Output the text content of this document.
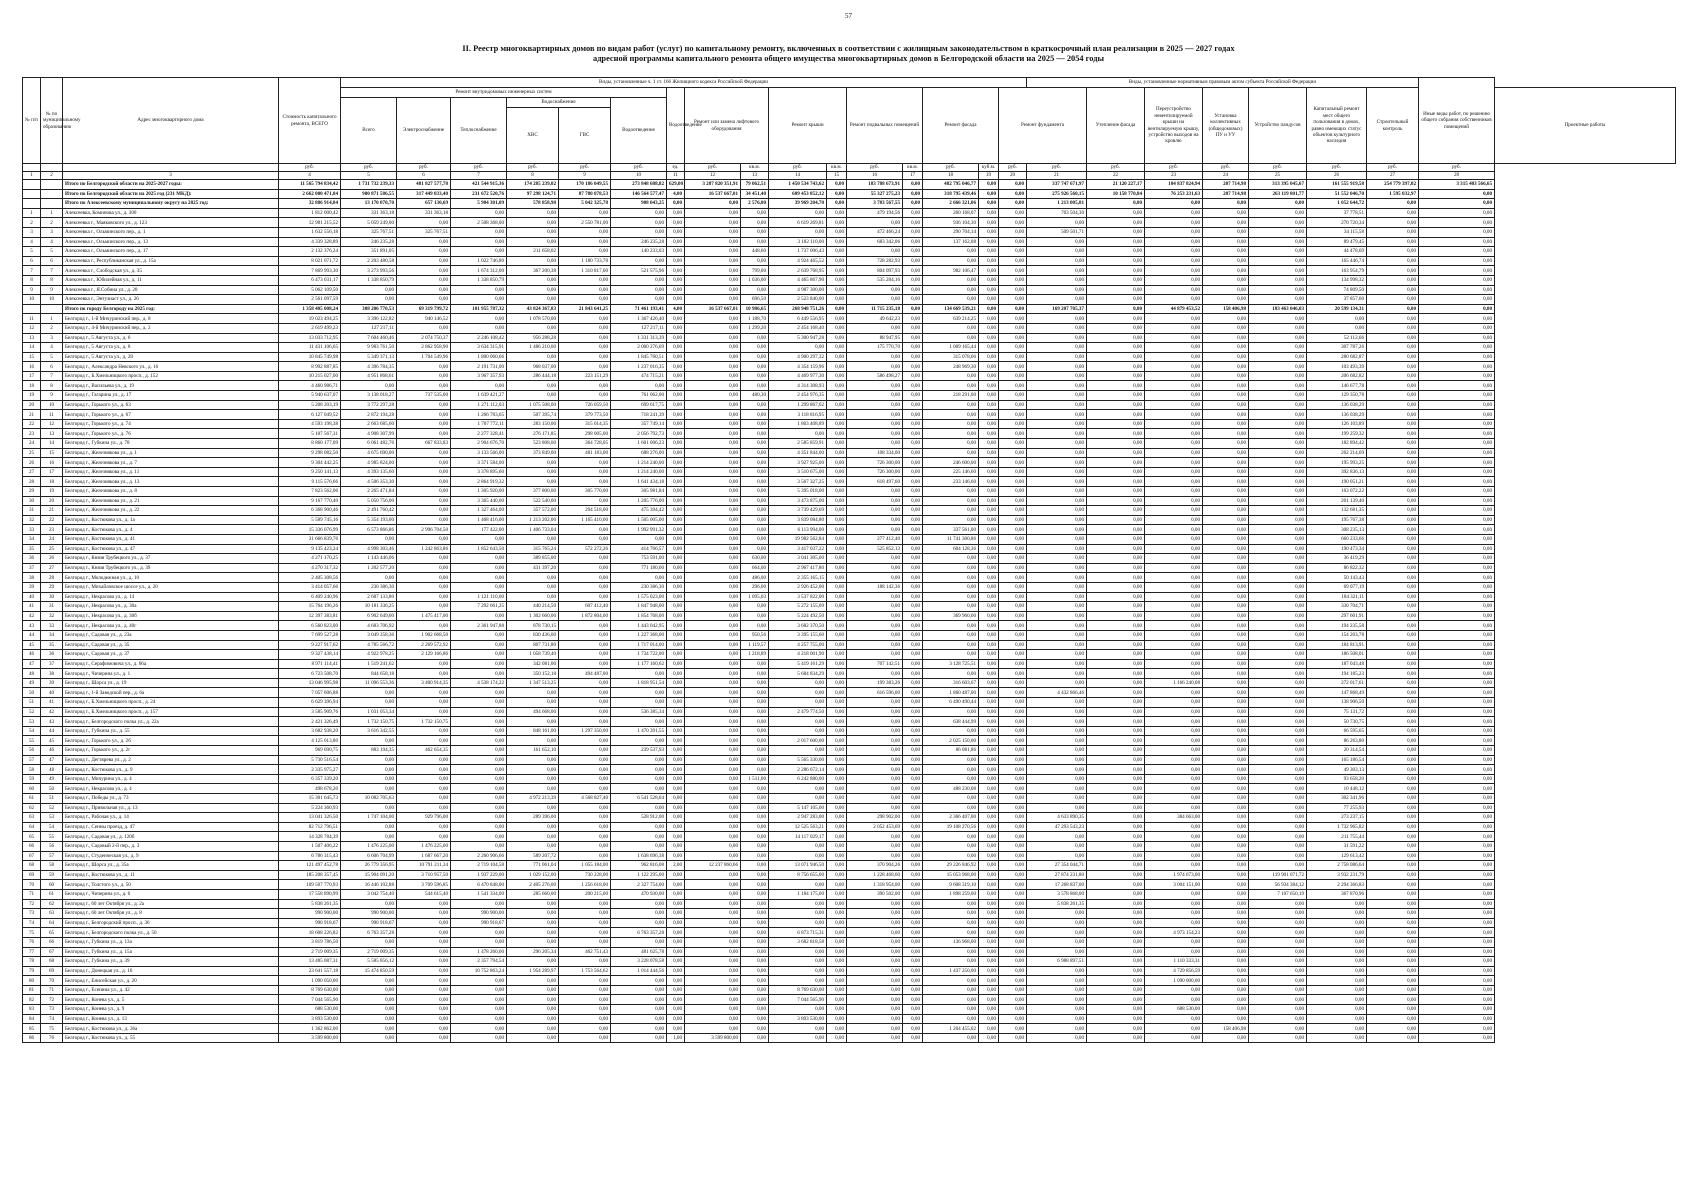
57
II. Реестр многоквартирных домов по видам работ (услуг) по капитальному ремонту, включенных в соответствии с жилищным законодательством в краткосрочный план реализации в 2025 — 2027 годах
адресной программы капитального ремонта общего имущества многоквартирных домов в Белгородской области на 2025 — 2054 годы
№ п/п	№ по муниципальному образованию	Адрес многоквартирного дома	Стоимость капитального ремонта, ВСЕГО	Виды, установленные ч. 1 ст. 166 Жилищного кодекса Российской Федерации																Виды, установленные нормативным правовым актом субъекта Российской Федерации							Иные виды работ, по решению общего собрания собственников помещений	
				Ремонт внутридомовых инженерных систем						Водоотведение	Ремонт или замена лифтового оборудования		Ремонт крыши		Ремонт подвальных помещений		Ремонт фасада		Ремонт фундамента		Утепление фасада	Переустройство невентилируемой крыши на вентилируемую крышу, устройство выходов на кровлю	Установка коллективных (общедомовых) ПУ и УУ	Устройство пандусов	Капитальный ремонт мест общего пользования в домах, равно имеющих статус объектов культурного наследия	Строительный контроль		Проектные работы
				Всего	Электроснабжение	Теплоснабжение	Водоснабжение		Водоотведение																			
							ХВС	ГВС																				
			руб.	руб.	руб.	руб.	руб.	руб.	руб.	ед.	руб.	кв.м.	руб.	кв.м.	руб.	кв.м.	руб.	куб.м.	руб.	руб.	руб.	руб.	руб.	руб.	руб.	руб.	руб.	
1	2	3	4	5	6	7	8	9	10	11	12	13	14	15	16	17	18	19	20	21	22	23	24	25	26	27	28	
		Итого по Белгородской области на 2025-2027 годы:	11 565 794 834,42	1 731 732 239,33	481 827 577,78	421 544 915,36	174 285 239,02	170 186 049,55	273 848 688,82	629,00	3 287 820 351,91	79 062,51	1 450 534 743,62	0,00	183 788 673,91	0,00	482 795 046,77	0,00	0,00	337 747 671,97	21 120 227,17	104 837 824,94	207 714,98	313 395 045,67	161 555 919,58	254 779 397,02	3 315 403 566,65	
		Итого по Белгородской области на 2025 год (231 МКД):	2 662 000 471,84	900 871 586,55	317 449 033,40	231 672 520,76	97 298 124,71	87 780 878,53	146 564 577,47	4,00	16 537 667,01	34 451,40	609 453 852,12	0,00	55 327 275,23	0,00	318 795 439,46	0,00	0,00	275 926 560,15	10 158 770,84	76 253 231,63	207 714,98	263 119 801,77	51 552 046,70	1 595 032,97	0,00	
		Итого по Алексеевскому муниципальному округу на 2025 год:	32 886 914,84	13 170 070,70	657 130,69	5 984 301,09	578 858,98	5 042 325,78	908 043,25	0,00	0,00	2 576,00	39 969 204,70	0,00	3 783 567,55	0,00	2 666 321,06	0,00	0,00	1 213 005,81	0,00	0,00	0,00	0,00	1 052 644,72	0,00	0,00	
1	1	Алексеевка, Коминова ул., д. 300	1 812 000,42	331 363,18	331 363,18	0,00	0,00	0,00	0,00	0,00	0,00	0,00	0,00	0,00	479 194,56	0,00	260 168,07	0,00	0,00	703 504,30	0,00	0,00	0,00	0,00	37 778,51	0,00	0,00	
2	2	Алексеевка г., Маяковского ул., д. 123	12 981 215,52	5 059 249,00	0,00	2 508 368,00	0,00	2 550 781,00	0,00	0,00	0,00	0,00	6 619 269,81	0,00	0,00	0,00	936 104,30	0,00	0,00	0,00	0,00	0,00	0,00	0,00	270 720,34	0,00	0,00	
3	3	Алексеевка г., Ольминского пер., д. 1	1 632 556,18	325 767,51	325 767,51	0,00	0,00	0,00	0,00	0,00	0,00	0,00	0,00	0,00	472 466,24	0,00	290 704,14	0,00	0,00	509 501,71	0,00	0,00	0,00	0,00	34 115,58	0,00	0,00	
4	4	Алексеевка г., Ольминского пер., д. 13	4 339 328,89	246 235,28	0,00	0,00	0,00	0,00	246 235,28	0,00	0,00	0,00	3 182 110,00	0,00	683 342,06	0,00	137 162,08	0,00	0,00	0,00	0,00	0,00	0,00	0,00	89 479,45	0,00	0,00	
5	5	Алексеевка г., Ольминского пер., д. 17	2 132 376,24	351 891,05	0,00	0,00	211 658,02	0,00	140 233,03	0,00	0,00	448,60	1 737 006,43	0,00	0,00	0,00	0,00	0,00	0,00	0,00	0,00	0,00	0,00	0,00	44 478,69	0,00	0,00	
6	6	Алексеевка г., Республиканская ул., д. 15а	8 021 071,72	2 203 480,58	0,00	1 022 746,80	0,00	1 180 733,78	0,00	0,00	0,00	0,00	4 924 465,52	0,00	728 282,93	0,00	0,00	0,00	0,00	0,00	0,00	0,00	0,00	0,00	165 446,74	0,00	0,00	
7	7	Алексеевка г., Слободская ул., д. 35	7 869 993,30	3 273 993,56	0,00	1 674 312,00	367 200,38	1 310 817,00	521 575,96	0,00	0,00	799,00	2 639 768,95	0,00	804 097,93	0,00	982 106,47	0,00	0,00	0,00	0,00	0,00	0,00	0,00	163 954,79	0,00	0,00	
8	8	Алексеевка г., Юбилейная ул., д. 11	6 473 031,17	1 338 850,79	0,00	1 338 850,79	0,00	0,00	0,00	0,00	0,00	1 036,00	4 465 867,90	0,00	535 284,16	0,00	0,00	0,00	0,00	0,00	0,00	0,00	0,00	0,00	134 998,32	0,00	0,00	
9	9	Алексеевка г., Я.Собина ул., д. 20	5 062 109,50	0,00	0,00	0,00	0,00	0,00	0,00	0,00	0,00	0,00	4 987 300,00	0,00	0,00	0,00	0,00	0,00	0,00	0,00	0,00	0,00	0,00	0,00	74 809,50	0,00	0,00	
10	10	Алексеевка г., Энтузиаст ул., д. 26	2 561 097,59	0,00	0,00	0,00	0,00	0,00	0,00	0,00	0,00	696,50	2 523 840,00	0,00	0,00	0,00	0,00	0,00	0,00	0,00	0,00	0,00	0,00	0,00	37 857,60	0,00	0,00	
		Итого по городу Белгороду на 2025 год:	1 358 405 008,24	308 206 770,53	69 319 799,72	101 955 787,32	43 824 367,83	21 843 641,25	71 461 193,41	4,00	16 537 667,01	10 986,65	268 948 751,26	0,00	11 715 235,18	0,00	134 669 539,21	0,00	0,00	169 207 705,37	0,00	44 879 453,52	158 406,98	183 463 046,03	20 599 134,31	0,00	0,00	
11	1	Белгород г., 1-й Мичуринский пер., д. 8	19 023 494,25	3 396 122,82	940 146,52	0,00	1 078 570,00	0,00	1 367 426,40	0,00	0,00	1 188,70	6 449 556,95	0,00	49 642,23	0,00	639 214,25	0,00	0,00	0,00	0,00	0,00	0,00	0,00	0,00	0,00	0,00	
12	2	Белгород г., 4-й Мичуринский пер., д. 2	2 619 499,23	127 217,11	0,00	0,00	0,00	0,00	127 217,11	0,00	0,00	1 299,20	2 454 168,40	0,00	0,00	0,00	0,00	0,00	0,00	0,00	0,00	0,00	0,00	0,00	0,00	0,00	0,00	
13	3	Белгород г., 5 Августа ул., д. 6	13 033 712,95	7 604 460,46	2 074 750,37	2 246 108,42	956 288,28	0,00	1 331 313,39	0,00	0,00	0,00	5 300 947,28	0,00	88 947,95	0,00	0,00	0,00	0,00	0,00	0,00	0,00	0,00	0,00	52 112,66	0,00	0,00	
14	4	Белгород г., 5 Августа ул., д. 8	11 431 106,65	9 983 761,50	2 862 958,90	3 634 315,91	1 486 210,00	0,00	2 000 276,69	0,00	0,00	0,00	0,00	0,00	175 770,70	0,00	1 009 165,44	0,00	0,00	0,00	0,00	0,00	0,00	0,00	307 787,26	0,00	0,00	
15	5	Белгород г., 5 Августа ул., д. 28	10 845 749,98	5 349 371,13	1 704 549,96	1 800 060,66	0,00	0,00	1 845 760,51	0,00	0,00	0,00	4 900 297,32	0,00	0,00	0,00	315 078,66	0,00	0,00	0,00	0,00	0,00	0,00	0,00	280 682,87	0,00	0,00	
16	6	Белгород г., Александра Невского ул., д. 16	8 992 887,85	4 396 784,35	0,00	2 191 731,00	968 037,00	0,00	1 237 016,35	0,00	0,00	0,00	4 354 159,96	0,00	0,00	0,00	248 969,30	0,00	0,00	0,00	0,00	0,00	0,00	0,00	103 493,39	0,00	0,00	
17	7	Белгород г., Б.Хмельницкого просп., д. 152	10 215 027,00	4 951 868,61	0,00	3 967 357,93	286 444,18	223 151,29	474 715,21	0,00	0,00	0,00	4 469 977,30	0,00	586 498,27	0,00	0,00	0,00	0,00	0,00	0,00	0,00	0,00	0,00	206 682,82	0,00	0,00	
18	8	Белгород г., Васильева ул., д. 19	4 460 986,71	0,00	0,00	0,00	0,00	0,00	0,00	0,00	0,00	0,00	4 314 308,93	0,00	0,00	0,00	0,00	0,00	0,00	0,00	0,00	0,00	0,00	0,00	146 677,78	0,00	0,00	
19	9	Белгород г., Гагарина ул., д. 17	5 940 637,07	3 138 018,27	737 535,00	1 639 421,27	0,00	0,00	761 062,00	0,00	0,00	480,30	2 454 976,35	0,00	0,00	0,00	218 291,60	0,00	0,00	0,00	0,00	0,00	0,00	0,00	129 350,78	0,00	0,00	
20	10	Белгород г., Горького ул., д. 63	5 208 203,19	3 772 297,28	0,00	1 271 112,03	1 075 508,00	726 059,50	699 617,75	0,00	0,00	0,00	1 299 867,62	0,00	0,00	0,00	0,00	0,00	0,00	0,00	0,00	0,00	0,00	0,00	136 038,29	0,00	0,00	
21	11	Белгород г., Горького ул., д. 67	6 127 049,52	2 872 194,28	0,00	1 266 783,65	507 395,74	379 773,50	718 241,39	0,00	0,00	0,00	3 118 816,95	0,00	0,00	0,00	0,00	0,00	0,00	0,00	0,00	0,00	0,00	0,00	136 038,29	0,00	0,00	
22	12	Белгород г., Горького ул., д. 74	4 593 198,38	2 663 685,60	0,00	1 707 772,11	283 150,00	315 014,35	357 749,14	0,00	0,00	0,00	1 803 408,89	0,00	0,00	0,00	0,00	0,00	0,00	0,00	0,00	0,00	0,00	0,00	126 103,89	0,00	0,00	
23	13	Белгород г., Горького ул., д. 76	5 107 567,31	4 908 307,99	0,00	2 277 328,41	276 171,85	298 005,00	2 056 792,73	0,00	0,00	0,00	0,00	0,00	0,00	0,00	0,00	0,00	0,00	0,00	0,00	0,00	0,00	0,00	199 259,32	0,00	0,00	
24	14	Белгород г., Губкина ул., д. 78	8 860 177,09	6 061 482,76	667 833,83	2 904 676,70	523 808,00	364 728,05	1 601 006,23	0,00	0,00	0,00	2 585 859,91	0,00	0,00	0,00	0,00	0,00	0,00	0,00	0,00	0,00	0,00	0,00	182 894,42	0,00	0,00	
25	15	Белгород г., Железнякова ул., д. 1	9 298 082,50	4 675 690,00	0,00	3 133 566,00	373 849,00	481 183,00	688 276,00	0,00	0,00	0,00	4 351 844,00	0,00	108 334,00	0,00	0,00	0,00	0,00	0,00	0,00	0,00	0,00	0,00	262 214,69	0,00	0,00	
26	16	Белгород г., Железнякова ул., д. 7	9 304 442,25	4 985 824,00	0,00	3 371 584,00	0,00	0,00	1 214 240,00	0,00	0,00	0,00	3 927 925,00	0,00	726 300,00	0,00	246 600,00	0,00	0,00	0,00	0,00	0,00	0,00	0,00	195 993,25	0,00	0,00	
27	17	Белгород г., Железнякова ул., д. 11	9 250 141,13	4 393 135,60	0,00	3 378 895,60	0,00	0,00	1 214 240,00	0,00	0,00	0,00	3 510 675,00	0,00	726 300,00	0,00	225 146,60	0,00	0,00	0,00	0,00	0,00	0,00	0,00	392 836,13	0,00	0,00	
28	18	Белгород г., Железнякова ул., д. 13	9 115 576,66	4 506 353,30	0,00	2 864 919,32	0,00	0,00	1 641 434,18	0,00	0,00	0,00	3 567 327,25	0,00	618 497,60	0,00	233 146,60	0,00	0,00	0,00	0,00	0,00	0,00	0,00	190 051,21	0,00	0,00	
29	19	Белгород г., Железнякова ул., д. 8	7 823 562,06	2 265 471,84	0,00	1 305 920,00	377 800,00	305 770,00	305 981,84	0,00	0,00	0,00	5 395 018,00	0,00	0,00	0,00	0,00	0,00	0,00	0,00	0,00	0,00	0,00	0,00	163 072,22	0,00	0,00	
30	20	Белгород г., Железнякова ул., д. 21	9 167 770,40	5 050 756,00	0,00	3 365 440,00	522 540,00	0,00	1 205 776,00	0,00	0,00	0,00	3 473 875,00	0,00	0,00	0,00	0,00	0,00	0,00	0,00	0,00	0,00	0,00	0,00	201 139,40	0,00	0,00	
31	21	Белгород г., Железнякова ул., д. 22	6 368 900,46	2 491 760,42	0,00	1 327 464,00	357 572,00	294 518,00	475 394,42	0,00	0,00	0,00	3 739 429,69	0,00	0,00	0,00	0,00	0,00	0,00	0,00	0,00	0,00	0,00	0,00	132 681,35	0,00	0,00	
32	22	Белгород г., Костюкова ул., д. 1а	5 589 745,16	5 354 193,00	0,00	1 468 416,00	1 213 202,00	1 165 410,00	1 505 005,00	0,00	0,00	0,00	3 839 084,80	0,00	0,00	0,00	0,00	0,00	0,00	0,00	0,00	0,00	0,00	0,00	195 767,38	0,00	0,00	
33	23	Белгород г., Костюкова ул., д. 4	15 336 076,99	6 573 866,86	2 996 704,50	177 422,00	1 406 733,04	0,00	1 992 991,32	0,00	0,00	0,00	6 113 994,00	0,00	0,00	0,00	337 561,00	0,00	0,00	0,00	0,00	0,00	0,00	0,00	308 235,13	0,00	0,00	
34	24	Белгород г., Костюкова ул., д. 41	31 666 839,76	0,00	0,00	0,00	0,00	0,00	0,00	0,00	0,00	0,00	19 982 562,84	0,00	277 412,40	0,00	11 741 300,86	0,00	0,00	0,00	0,00	0,00	0,00	0,00	660 233,66	0,00	0,00	
35	25	Белгород г., Костюкова ул., д. 47	9 135 423,24	4 998 303,46	1 242 863,86	1 852 643,50	315 765,24	572 272,26	414 766,57	0,00	0,00	0,00	3 417 037,22	0,00	525 852,13	0,00	604 128,36	0,00	0,00	0,00	0,00	0,00	0,00	0,00	190 473,34	0,00	0,00	
36	26	Белгород г., Князя Трубецкого ул., д. 37	4 271 170,25	1 143 446,06	0,00	0,00	389 855,00	0,00	753 591,00	0,00	0,00	630,00	3 041 305,00	0,00	0,00	0,00	0,00	0,00	0,00	0,00	0,00	0,00	0,00	0,00	36 419,29	0,00	0,00	
37	27	Белгород г., Князя Трубецкого ул., д. 39	4 270 317,32	1 202 577,20	0,00	0,00	431 397,20	0,00	771 180,00	0,00	0,00	664,00	2 967 417,80	0,00	0,00	0,00	0,00	0,00	0,00	0,00	0,00	0,00	0,00	0,00	86 822,32	0,00	0,00	
38	28	Белгород г., Молодежная ул., д. 10	2 405 308,56	0,00	0,00	0,00	0,00	0,00	0,00	0,00	0,00	486,00	2 355 165,15	0,00	0,00	0,00	0,00	0,00	0,00	0,00	0,00	0,00	0,00	0,00	50 143,43	0,00	0,00	
39	29	Белгород г., Михайловское шоссе ул., д. 20	3 414 057,66	230 386,30	0,00	0,00	0,00	0,00	230 386,30	0,00	0,00	296,00	2 926 452,00	0,00	188 142,36	0,00	0,00	0,00	0,00	0,00	0,00	0,00	0,00	0,00	69 077,19	0,00	0,00	
40	30	Белгород г., Некрасова ул., д. 14	6 409 240,96	2 687 133,80	0,00	1 121 110,00	0,00	0,00	1 575 023,00	0,00	0,00	1 095,03	3 537 822,00	0,00	0,00	0,00	0,00	0,00	0,00	0,00	0,00	0,00	0,00	0,00	184 321,11	0,00	0,00	
41	31	Белгород г., Некрасова ул., д. 30а	15 764 196,26	10 181 336,25	0,00	7 292 661,25	440 214,50	607 412,40	1 847 948,00	0,00	0,00	0,00	5 272 155,09	0,00	0,00	0,00	0,00	0,00	0,00	0,00	0,00	0,00	0,00	0,00	330 704,71	0,00	0,00	
42	32	Белгород г., Некрасова ул., д. 30б	12 397 383,81	6 902 649,00	1 475 417,00	0,00	1 302 660,00	1 872 804,00	1 854 768,00	0,00	0,00	0,00	5 224 492,50	0,00	0,00	0,00	369 960,00	0,00	0,00	0,00	0,00	0,00	0,00	0,00	297 601,91	0,00	0,00	
43	33	Белгород г., Некрасова ул., д. 40г	6 560 823,00	4 683 706,92	0,00	2 361 947,88	878 730,15	0,00	1 443 042,95	0,00	0,00	0,00	3 682 370,50	0,00	0,00	0,00	0,00	0,00	0,00	0,00	0,00	0,00	0,00	0,00	194 235,58	0,00	0,00	
44	34	Белгород г., Садовая ул., д. 23а	7 699 527,28	3 049 358,36	1 902 668,50	0,00	830 436,00	0,00	1 227 368,00	0,00	0,00	950,56	3 395 155,60	0,00	0,00	0,00	0,00	0,00	0,00	0,00	0,00	0,00	0,00	0,00	154 203,78	0,00	0,00	
45	35	Белгород г., Садовая ул., д. 35	9 227 917,62	4 785 566,72	2 269 572,92	0,00	807 731,80	0,00	1 717 014,00	0,00	0,00	1 119,57	4 257 755,00	0,00	0,00	0,00	0,00	0,00	0,00	0,00	0,00	0,00	0,00	0,00	184 813,91	0,00	0,00	
46	36	Белгород г., Садовая ул., д. 37	9 327 438,14	4 922 978,25	2 129 166,86	0,00	1 058 739,40	0,00	1 734 722,00	0,00	0,00	1 218,89	4 218 001,90	0,00	0,00	0,00	0,00	0,00	0,00	0,00	0,00	0,00	0,00	0,00	186 508,01	0,00	0,00	
47	37	Белгород г., Серафимовича ул., д. 66а	8 971 114,41	1 519 241,62	0,00	0,00	342 081,00	0,00	1 177 160,62	0,00	0,00	0,00	5 419 161,29	0,00	707 142,51	0,00	3 128 725,51	0,00	0,00	0,00	0,00	0,00	0,00	0,00	187 043,48	0,00	0,00	
48	38	Белгород г., Чичерина ул., д. 1	6 723 508,70	844 658,18	0,00	0,00	350 152,18	494 487,00	0,00	0,00	0,00	0,00	5 684 834,29	0,00	0,00	0,00	0,00	0,00	0,00	0,00	0,00	0,00	0,00	0,00	194 185,23	0,00	0,00	
49	39	Белгород г., Шорса ул., д. 19	13 046 995,98	11 096 553,36	3 400 914,35	4 538 174,22	1 347 513,25	0,00	1 818 951,54	0,00	0,00	0,00	0,00	0,00	199 383,26	0,00	316 603,67	0,00	0,00	0,00	0,00	1 166 240,08	0,00	0,00	272 017,61	0,00	0,00	
50	40	Белгород г., 1-й Заводской пер., д. 6а	7 057 606,88	0,00	0,00	0,00	0,00	0,00	0,00	0,00	0,00	0,00	0,00	0,00	616 596,00	0,00	1 860 487,00	0,00	0,00	4 432 866,46	0,00	0,00	0,00	0,00	147 868,49	0,00	0,00	
51	41	Белгород г., Б.Хмельницкого просп., д. 24	6 629 396,94	0,00	0,00	0,00	0,00	0,00	0,00	0,00	0,00	0,00	0,00	0,00	0,00	0,00	6 490 490,44	0,00	0,00	0,00	0,00	0,00	0,00	0,00	138 906,50	0,00	0,00	
52	42	Белгород г., Б.Хмельницкого просп., д. 157	3 585 909,76	1 031 053,34	0,00	0,00	494 668,00	0,00	536 385,34	0,00	0,00	0,00	2 479 774,50	0,00	0,00	0,00	0,00	0,00	0,00	0,00	0,00	0,00	0,00	0,00	75 131,72	0,00	0,00	
53	43	Белгород г., Белгородского полка ул., д. 22а	2 421 326,49	1 732 150,75	1 732 150,75	0,00	0,00	0,00	0,00	0,00	0,00	0,00	0,00	0,00	0,00	0,00	638 444,99	0,00	0,00	0,00	0,00	0,00	0,00	0,00	50 730,75	0,00	0,00	
54	44	Белгород г., Губкина ул., д. 55	3 682 938,20	3 616 342,55	0,00	0,00	848 161,00	1 297 350,00	1 470 391,55	0,00	0,00	0,00	0,00	0,00	0,00	0,00	0,00	0,00	0,00	0,00	0,00	0,00	0,00	0,00	66 595,65	0,00	0,00	
55	45	Белгород г., Горького ул., д. 2б	4 125 013,80	0,00	0,00	0,00	0,00	0,00	0,00	0,00	0,00	0,00	2 017 600,00	0,00	0,00	0,00	2 025 150,00	0,00	0,00	0,00	0,00	0,00	0,00	0,00	86 263,80	0,00	0,00	
56	46	Белгород г., Горького ул., д. 2г	969 690,75	883 194,35	462 654,35	0,00	161 652,10	0,00	239 537,93	0,00	0,00	0,00	0,00	0,00	0,00	0,00	86 081,86	0,00	0,00	0,00	0,00	0,00	0,00	0,00	20 314,54	0,00	0,00	
57	47	Белгород г., Дегтярева ул., д. 2	5 730 516,54	0,00	0,00	0,00	0,00	0,00	0,00	0,00	0,00	0,00	5 565 330,00	0,00	0,00	0,00	0,00	0,00	0,00	0,00	0,00	0,00	0,00	0,00	165 186,54	0,00	0,00	
58	48	Белгород г., Костюкова ул., д. 9	2 335 975,27	0,00	0,00	0,00	0,00	0,00	0,00	0,00	0,00	0,00	2 286 672,14	0,00	0,00	0,00	0,00	0,00	0,00	0,00	0,00	0,00	0,00	0,00	49 303,13	0,00	0,00	
59	49	Белгород г., Мичурина ул., д. 4	6 357 339,20	0,00	0,00	0,00	0,00	0,00	0,00	0,00	0,00	1 511,00	6 242 880,00	0,00	0,00	0,00	0,00	0,00	0,00	0,00	0,00	0,00	0,00	0,00	93 658,20	0,00	0,00	
60	50	Белгород г., Некрасова ул., д. 4	498 678,20	0,00	0,00	0,00	0,00	0,00	0,00	0,00	0,00	0,00	0,00	0,00	0,00	0,00	488 230,08	0,00	0,00	0,00	0,00	0,00	0,00	0,00	10 448,12	0,00	0,00	
61	51	Белгород г., Победы ул., д. 73	15 301 645,73	10 082 705,63	0,00	0,00	4 972 213,39	4 568 827,40	6 541 528,04	0,00	0,00	0,00	0,00	0,00	0,00	0,00	0,00	0,00	0,00	0,00	0,00	0,00	0,00	0,00	302 341,96	0,00	0,00	
62	52	Белгород г., Привольная ул., д. 13	5 224 360,93	0,00	0,00	0,00	0,00	0,00	0,00	0,00	0,00	0,00	5 147 105,00	0,00	0,00	0,00	0,00	0,00	0,00	0,00	0,00	0,00	0,00	0,00	77 255,93	0,00	0,00	
63	53	Белгород г., Рабочая ул., д. 14	13 041 326,50	1 747 104,00	929 796,00	0,00	289 396,00	0,00	528 912,00	0,00	0,00	0,00	2 947 283,00	0,00	298 902,00	0,00	2 366 407,00	0,00	0,00	4 633 890,35	0,00	384 663,00	0,00	0,00	273 237,15	0,00	0,00	
64	54	Белгород г., Сенны проезд, д. 47	82 712 796,51	0,00	0,00	0,00	0,00	0,00	0,00	0,00	0,00	0,00	12 525 563,21	0,00	2 052 453,69	0,00	19 108 270,56	0,00	0,00	47 293 543,23	0,00	0,00	0,00	0,00	1 732 965,82	0,00	0,00	
65	55	Белгород г., Садовая ул., д. 120б	14 328 784,39	0,00	0,00	0,00	0,00	0,00	0,00	0,00	0,00	0,00	14 117 029,17	0,00	0,00	0,00	0,00	0,00	0,00	0,00	0,00	0,00	0,00	0,00	211 755,44	0,00	0,00	
66	56	Белгород г., Садовый 2-й пер., д. 3	1 507 406,22	1 476 225,00	1 476 225,00	0,00	0,00	0,00	0,00	0,00	0,00	0,00	0,00	0,00	0,00	0,00	0,00	0,00	0,00	0,00	0,00	0,00	0,00	0,00	31 591,22	0,00	0,00	
67	57	Белгород г., Студенческая ул., д. 9	6 786 315,43	6 606 704,99	1 687 667,20	2 260 906,66	589 207,72	0,00	1 638 696,38	0,00	0,00	0,00	0,00	0,00	0,00	0,00	0,00	0,00	0,00	0,00	0,00	0,00	0,00	0,00	129 613,42	0,00	0,00	
68	58	Белгород г., Шорса ул., д. 35а	121 497 452,78	26 779 356,95	10 791 211,34	2 719 104,58	771 061,04	1 055 184,00	962 816,08	2,00	12 237 860,66	0,00	13 071 946,50	0,00	370 904,26	0,00	29 226 846,92	0,00	0,00	27 354 044,71	0,00	0,00	0,00	0,00	2 758 086,64	0,00	0,00	
69	59	Белгород г., Костюкова ул., д. 11	185 208 357,45	15 904 091,20	3 710 957,50	1 937 229,00	1 029 152,00	730 228,00	1 122 295,00	0,00	0,00	0,00	8 756 655,00	0,00	1 228 468,60	0,00	15 053 968,00	0,00	0,00	27 874 231,80	0,00	1 974 673,00	0,00	119 901 071,72	3 932 231,79	0,00	0,00	
70	60	Белгород г., Толстого ул., д. 50	109 507 770,93	16 446 102,88	3 709 596,85	6 470 848,00	2 405 276,00	1 256 618,00	2 327 754,00	0,00	0,00	0,00	0,00	0,00	1 318 954,00	0,00	9 608 319,10	0,00	0,00	17 268 837,00	0,00	3 004 151,00	0,00	56 934 384,12	2 294 366,83	0,00	0,00	
71	61	Белгород г., Чичерина ул., д. 6	17 558 890,99	3 042 754,40	544 615,40	1 541 334,00	285 660,00	200 215,00	470 930,00	0,00	0,00	0,00	1 184 175,00	0,00	390 502,00	0,00	1 898 259,00	0,00	0,00	3 578 868,00	0,00	0,00	0,00	7 107 650,19	367 870,96	0,00	0,00	
72	62	Белгород г., 60 лет Октября ул., д. 2а	5 838 261,35	0,00	0,00	0,00	0,00	0,00	0,00	0,00	0,00	0,00	0,00	0,00	0,00	0,00	0,00	0,00	0,00	5 838 261,35	0,00	0,00	0,00	0,00	0,00	0,00	0,00	
73	63	Белгород г., 60 лет Октября ул., д. 8	990 900,00	990 900,00	0,00	990 900,00	0,00	0,00	0,00	0,00	0,00	0,00	0,00	0,00	0,00	0,00	0,00	0,00	0,00	0,00	0,00	0,00	0,00	0,00	0,00	0,00	0,00	
74	64	Белгород г., Белгородский просп., д. 36	990 918,67	990 918,67	0,00	990 918,67	0,00	0,00	0,00	0,00	0,00	0,00	0,00	0,00	0,00	0,00	0,00	0,00	0,00	0,00	0,00	0,00	0,00	0,00	0,00	0,00	0,00	
75	65	Белгород г., Белгородского полка ул., д. 50	18 608 226,82	6 763 357,28	0,00	0,00	0,00	0,00	6 763 357,28	0,00	0,00	0,00	6 873 715,31	0,00	0,00	0,00	0,00	0,00	0,00	0,00	0,00	4 973 154,23	0,00	0,00	0,00	0,00	0,00	
76	66	Белгород г., Губкина ул., д. 13а	3 819 786,50	0,00	0,00	0,00	0,00	0,00	0,00	0,00	0,00	0,00	3 682 818,58	0,00	0,00	0,00	136 968,00	0,00	0,00	0,00	0,00	0,00	0,00	0,00	0,00	0,00	0,00	
77	67	Белгород г., Губкина ул., д. 15а	2 719 009,35	2 719 009,35	0,00	1 478 260,00	296 205,34	462 751,43	481 625,78	0,00	0,00	0,00	0,00	0,00	0,00	0,00	0,00	0,00	0,00	0,00	0,00	0,00	0,00	0,00	0,00	0,00	0,00	
78	68	Белгород г., Губкина ул., д. 39	13 485 087,31	5 585 856,12	0,00	2 357 794,54	0,00	0,00	3 228 078,58	0,00	0,00	0,00	0,00	0,00	0,00	0,00	0,00	0,00	0,00	6 988 897,51	0,00	1 110 333,31	0,00	0,00	0,00	0,00	0,00	
79	69	Белгород г., Донецкая ул., д. 16	23 641 557,18	15 474 850,59	0,00	10 752 863,24	1 954 289,97	1 753 564,62	1 014 444,56	0,00	0,00	0,00	0,00	0,00	0,00	0,00	1 437 250,00	0,00	0,00	0,00	0,00	4 729 856,59	0,00	0,00	0,00	0,00	0,00	
80	70	Белгород г., Енисейская ул., д. 20	1 090 050,00	0,00	0,00	0,00	0,00	0,00	0,00	0,00	0,00	0,00	0,00	0,00	0,00	0,00	0,00	0,00	0,00	0,00	0,00	1 090 000,00	0,00	0,00	0,00	0,00	0,00	
81	71	Белгород г., Есенина ул., д. 42	8 769 630,00	0,00	0,00	0,00	0,00	0,00	0,00	0,00	0,00	0,00	8 769 630,00	0,00	0,00	0,00	0,00	0,00	0,00	0,00	0,00	0,00	0,00	0,00	0,00	0,00	0,00	
82	72	Белгород г., Конева ул., д. 5	7 044 565,90	0,00	0,00	0,00	0,00	0,00	0,00	0,00	0,00	0,00	7 044 565,90	0,00	0,00	0,00	0,00	0,00	0,00	0,00	0,00	0,00	0,00	0,00	0,00	0,00	0,00	
83	73	Белгород г., Конева ул., д. 9	688 530,00	0,00	0,00	0,00	0,00	0,00	0,00	0,00	0,00	0,00	0,00	0,00	0,00	0,00	0,00	0,00	0,00	0,00	0,00	688 530,00	0,00	0,00	0,00	0,00	0,00	
84	74	Белгород г., Конева ул., д. 13	3 893 530,00	0,00	0,00	0,00	0,00	0,00	0,00	0,00	0,00	0,00	3 893 530,00	0,00	0,00	0,00	0,00	0,00	0,00	0,00	0,00	0,00	0,00	0,00	0,00	0,00	0,00	
85	75	Белгород г., Костюкова ул., д. 36а	1 362 862,00	0,00	0,00	0,00	0,00	0,00	0,00	0,00	0,00	0,00	0,00	0,00	0,00	0,00	1 204 455,02	0,00	0,00	0,00	0,00	0,00	158 406,98	0,00	0,00	0,00	0,00	
86	76	Белгород г., Костюкова ул., д. 55	3 599 800,00	0,00	0,00	0,00	0,00	0,00	0,00	1,00	3 599 800,00	0,00	0,00	0,00	0,00	0,00	0,00	0,00	0,00	0,00	0,00	0,00	0,00	0,00	0,00	0,00	0,00	
